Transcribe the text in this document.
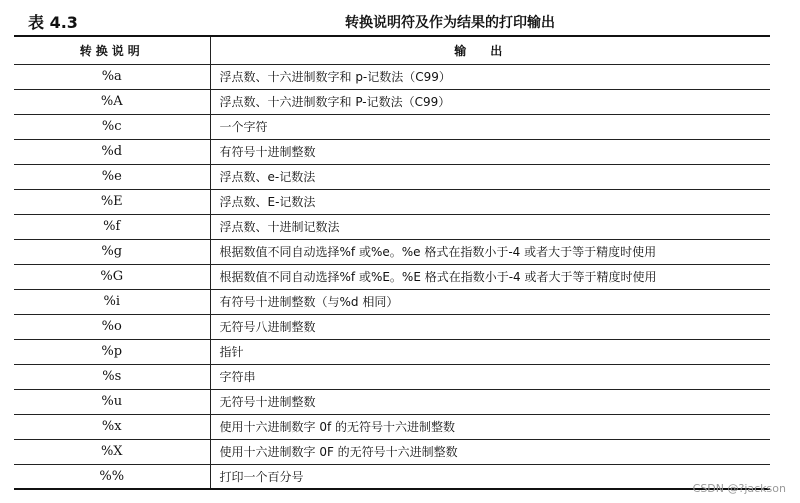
表 4.3	转换说明符及作为结果的打印输出
转换说明	输出
%a	浮点数、十六进制数字和 p-记数法（C99）
%A	浮点数、十六进制数字和 P-记数法（C99）
%c	一个字符
%d	有符号十进制整数
%e	浮点数、e-记数法
%E	浮点数、E-记数法
%f	浮点数、十进制记数法
%g	根据数值不同自动选择%f 或%e。%e 格式在指数小于-4 或者大于等于精度时使用
%G	根据数值不同自动选择%f 或%E。%E 格式在指数小于-4 或者大于等于精度时使用
%i	有符号十进制整数（与%d 相同）
%o	无符号八进制整数
%p	指针
%s	字符串
%u	无符号十进制整数
%x	使用十六进制数字 0f 的无符号十六进制整数
%X	使用十六进制数字 0F 的无符号十六进制整数
%%	打印一个百分号
CSDN @?jackson
